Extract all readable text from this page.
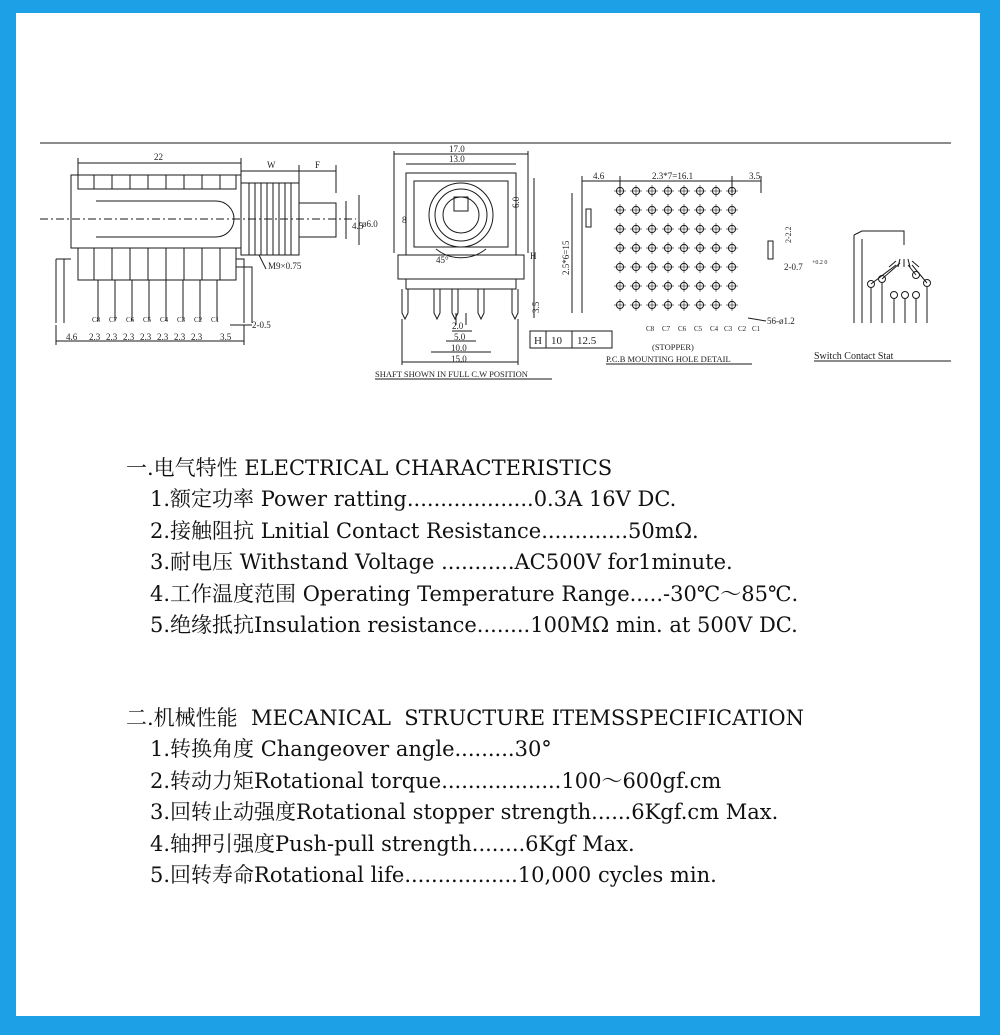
22
W	F
4.5
ø6.0
M9×0.75
C8 C7 C6 C5 C4 C3 C2 C1	2-0.5
4.6 2.3 2.3 2.3 2.3 2.3 2.3 2.3 3.5
17.0
13.0
45°
8
6.0
H
3.5
2.0
5.0
10.0
15.0
SHAFT SHOWN IN FULL C.W POSITION
H 10 12.5
4.6	2.3*7=16.1	3.5
2.5*6=15
2-2.2
2-0.7 +0.2 0
56-ø1.2
C8 C7 C6 C5 C4 C3 C2 C1
(STOPPER)
P.C.B MOUNTING HOLE DETAIL	Switch Contact Stat
一.电气特性 ELECTRICAL CHARACTERISTICS
1.额定功率 Power ratting...................0.3A 16V DC.
2.接触阻抗 Lnitial Contact Resistance.............50mΩ.
3.耐电压 Withstand Voltage ...........AC500V for1minute.
4.工作温度范围 Operating Temperature Range.....-30℃～85℃.
5.绝缘抵抗Insulation resistance........100MΩ min. at 500V DC.
二.机械性能  MECANICAL  STRUCTURE ITEMSSPECIFICATION
1.转换角度 Changeover angle.........30°
2.转动力矩Rotational torque..................100～600gf.cm
3.回转止动强度Rotational stopper strength......6Kgf.cm Max.
4.轴押引强度Push-pull strength........6Kgf Max.
5.回转寿命Rotational life.................10,000 cycles min.
